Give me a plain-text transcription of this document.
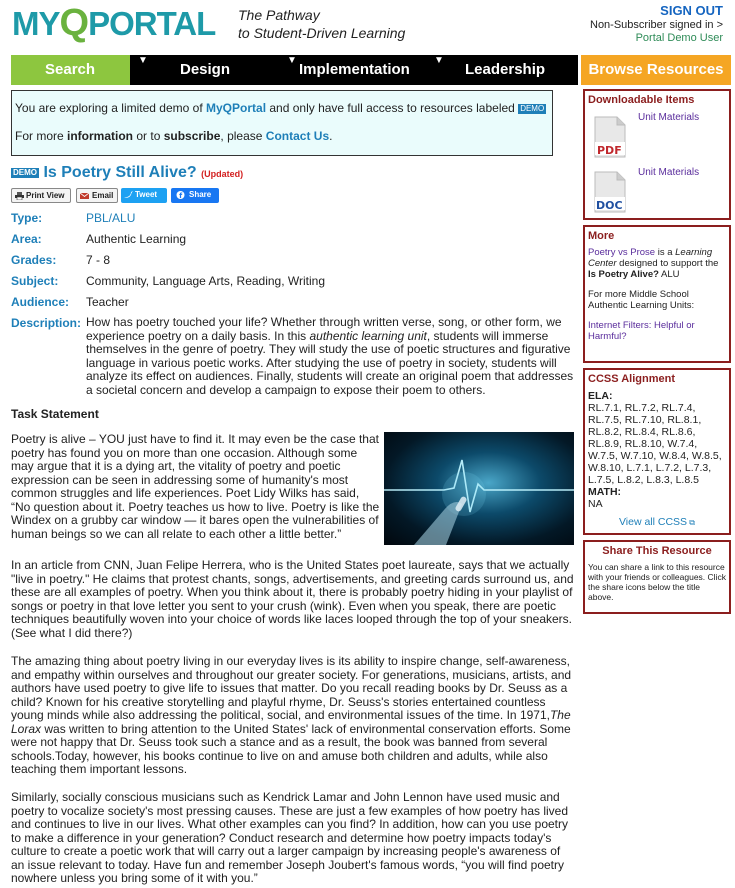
MYQPORTAL The Pathway
to Student-Driven Learning
SIGN OUT
Non-Subscriber signed in >
Portal Demo User
Search
▼
Design
▼
Implementation
▼
Leadership	Browse Resources

You are exploring a limited demo of MyQPortal and only have full access to resources labeled DEMO

For more information or to subscribe, please Contact Us.

DEMO Is Poetry Still Alive? (Updated)
Print View	Email	Tweet	f Share
Type:	PBL/ALU
Area:	Authentic Learning
Grades: 7 - 8
Subject: Community, Language Arts, Reading, Writing
Audience: Teacher
Description: How has poetry touched your life? Whether through written verse, song, or other form, we experience poetry on a daily basis. In this authentic learning unit, students will immerse themselves in the genre of poetry. They will study the use of poetic structures and figurative language in various poetic works. After studying the use of poetry in society, students will analyze its effect on audiences. Finally, students will create an original poem that addresses a societal concern and develop a campaign to expose their poem to others.
Task Statement
Poetry is alive – YOU just have to find it. It may even be the case that poetry has found you on more than one occasion. Although some may argue that it is a dying art, the vitality of poetry and poetic expression can be seen in addressing some of humanity's most common struggles and life experiences. Poet Lidy Wilks has said, “No question about it. Poetry teaches us how to live. Poetry is like the Windex on a grubby car window — it bares open the vulnerabilities of human beings so we can all relate to each other a little better.”
In an article from CNN, Juan Felipe Herrera, who is the United States poet laureate, says that we actually "live in poetry." He claims that protest chants, songs, advertisements, and greeting cards surround us, and these are all examples of poetry. When you think about it, there is probably poetry hiding in your playlist of songs or poetry in that love letter you sent to your crush (wink). Even when you speak, there are poetic techniques beautifully woven into your choice of words like laces looped through the top of your sneakers. (See what I did there?)
The amazing thing about poetry living in our everyday lives is its ability to inspire change, self-awareness, and empathy within ourselves and throughout our greater society. For generations, musicians, artists, and authors have used poetry to give life to issues that matter. Do you recall reading books by Dr. Seuss as a child? Known for his creative storytelling and playful rhyme, Dr. Seuss's stories entertained countless young minds while also addressing the political, social, and environmental issues of the time. In 1971,The Lorax was written to bring attention to the United States' lack of environmental conservation efforts. Some were not happy that Dr. Seuss took such a stance and as a result, the book was banned from several schools.Today, however, his books continue to live on and amuse both children and adults, while also teaching them important lessons.
Similarly, socially conscious musicians such as Kendrick Lamar and John Lennon have used music and poetry to vocalize society's most pressing causes. These are just a few examples of how poetry has lived and continues to live in our lives. What other examples can you find? In addition, how can you use poetry to make a difference in your generation? Conduct research and determine how poetry impacts today's culture to create a poetic work that will carry out a larger campaign by increasing people's awareness of an issue relevant to today. Have fun and remember Joseph Joubert's famous words, “you will find poetry nowhere unless you bring some of it with you.”
Downloadable Items
PDF
Unit Materials
DOC
Unit Materials
More
Poetry vs Prose is a Learning Center designed to support the Is Poetry Alive? ALU
For more Middle School Authentic Learning Units:
Internet Filters: Helpful or Harmful?
CCSS Alignment
ELA:
RL.7.1, RL.7.2, RL.7.4, RL.7.5, RL.7.10, RL.8.1, RL.8.2, RL.8.4, RL.8.6, RL.8.9, RL.8.10, W.7.4, W.7.5, W.7.10, W.8.4, W.8.5, W.8.10, L.7.1, L.7.2, L.7.3, L.7.5, L.8.2, L.8.3, L.8.5
MATH:
NA
View all CCSS ⧉
Share This Resource
You can share a link to this resource with your friends or colleagues. Click the share icons below the title above.
